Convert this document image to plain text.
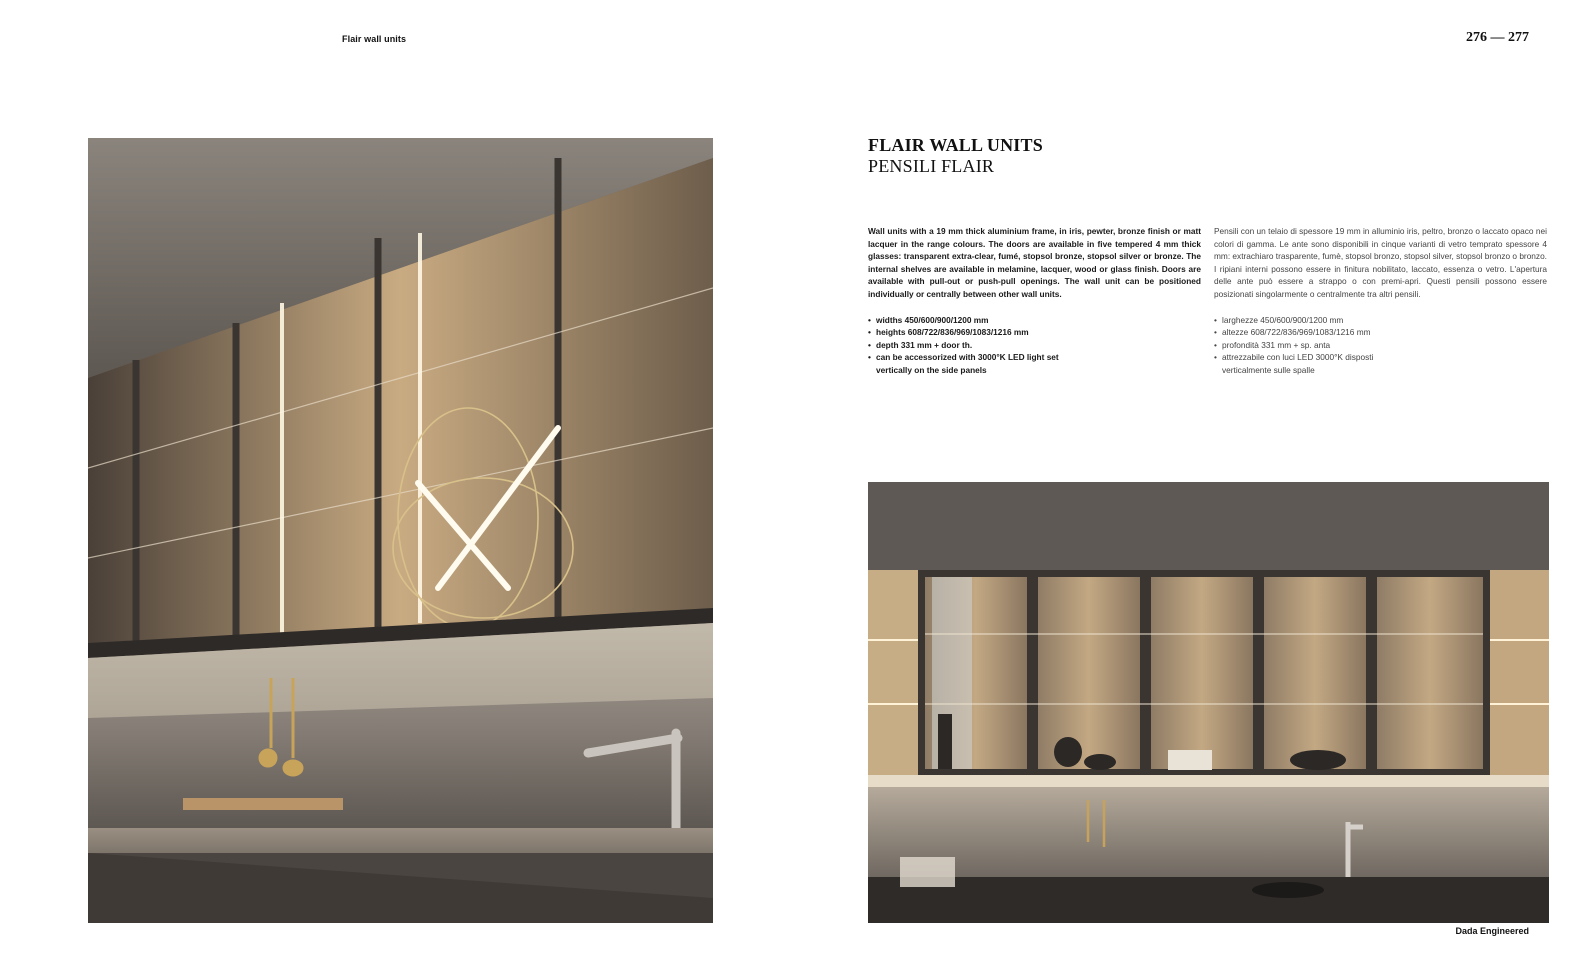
Flair wall units	276 — 277
FLAIR WALL UNITS
PENSILI FLAIR

Wall units with a 19 mm thick aluminium frame, in iris, pewter, bronze finish or matt lacquer in the range colours. The doors are available in five tempered 4 mm thick glasses: transparent extra-clear, fumé, stopsol bronze, stopsol silver or bronze. The internal shelves are available in melamine, lacquer, wood or glass finish. Doors are available with pull-out or push-pull openings. The wall unit can be positioned individually or centrally between other wall units.

• widths 450/600/900/1200 mm
• heights 608/722/836/969/1083/1216 mm
• depth 331 mm + door th.
• can be accessorized with 3000°K LED light set vertically on the side panels

Pensili con un telaio di spessore 19 mm in alluminio iris, peltro, bronzo o laccato opaco nei colori di gamma. Le ante sono disponibili in cinque varianti di vetro temprato spessore 4 mm: extrachiaro trasparente, fumè, stopsol bronzo, stopsol silver, stopsol bronzo o bronzo. I ripiani interni possono essere in finitura nobilitato, laccato, essenza o vetro. L'apertura delle ante può essere a strappo o con premi-apri. Questi pensili possono essere posizionati singolarmente o centralmente tra altri pensili.

• larghezze 450/600/900/1200 mm
• altezze 608/722/836/969/1083/1216 mm
• profondità 331 mm + sp. anta
• attrezzabile con luci LED 3000°K disposti verticalmente sulle spalle
Dada Engineered
